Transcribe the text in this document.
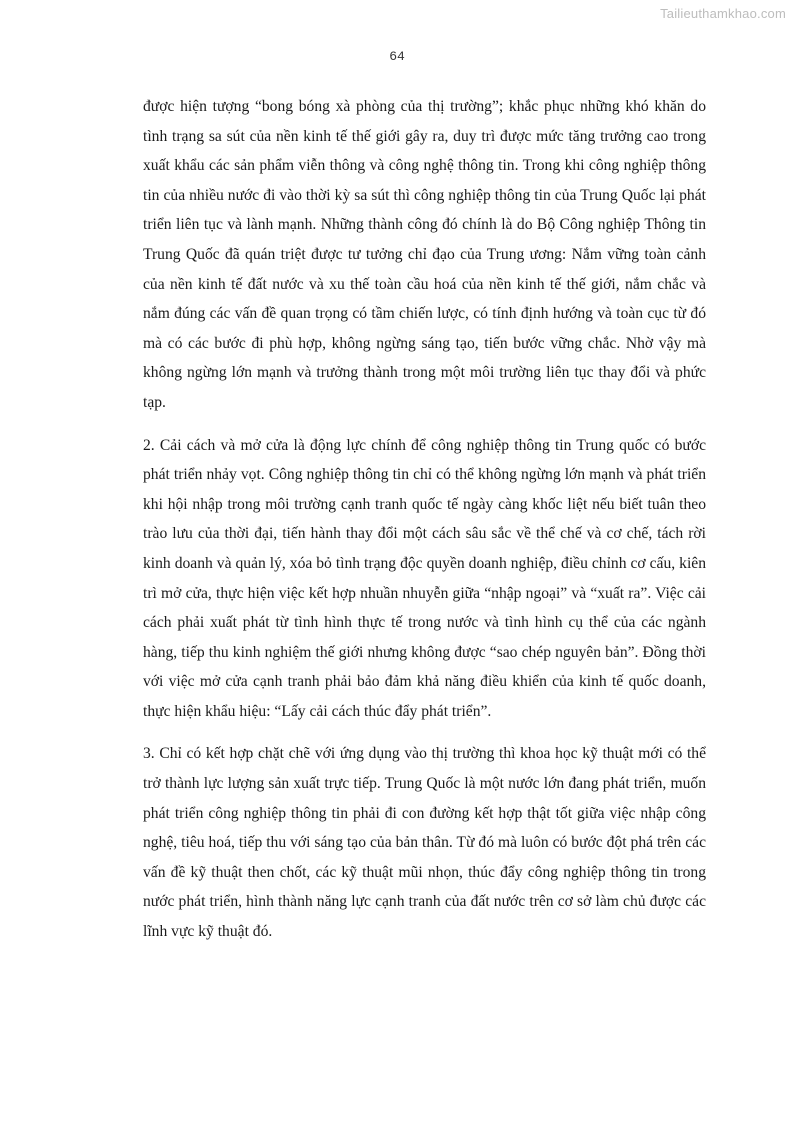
Tailieuthamkhao.com
64

được hiện tượng “bong bóng xà phòng của thị trường”; khắc phục những khó khăn do tình trạng sa sút của nền kinh tế thế giới gây ra, duy trì được mức tăng trưởng cao trong xuất khẩu các sản phẩm viễn thông và công nghệ thông tin. Trong khi công nghiệp thông tin của nhiều nước đi vào thời kỳ sa sút thì công nghiệp thông tin của Trung Quốc lại phát triển liên tục và lành mạnh. Những thành công đó chính là do Bộ Công nghiệp Thông tin Trung Quốc đã quán triệt được tư tưởng chỉ đạo của Trung ương: Nắm vững toàn cảnh của nền kinh tế đất nước và xu thế toàn cầu hoá của nền kinh tế thế giới, nắm chắc và nắm đúng các vấn đề quan trọng có tầm chiến lược, có tính định hướng và toàn cục từ đó mà có các bước đi phù hợp, không ngừng sáng tạo, tiến bước vững chắc. Nhờ vậy mà không ngừng lớn mạnh và trưởng thành trong một môi trường liên tục thay đổi và phức tạp.

2. Cải cách và mở cửa là động lực chính để công nghiệp thông tin Trung quốc có bước phát triển nhảy vọt. Công nghiệp thông tin chỉ có thể không ngừng lớn mạnh và phát triển khi hội nhập trong môi trường cạnh tranh quốc tế ngày càng khốc liệt nếu biết tuân theo trào lưu của thời đại, tiến hành thay đổi một cách sâu sắc về thể chế và cơ chế, tách rời kinh doanh và quản lý, xóa bỏ tình trạng độc quyền doanh nghiệp, điều chỉnh cơ cấu, kiên trì mở cửa, thực hiện việc kết hợp nhuần nhuyễn giữa “nhập ngoại” và “xuất ra”. Việc cải cách phải xuất phát từ tình hình thực tế trong nước và tình hình cụ thể của các ngành hàng, tiếp thu kinh nghiệm thế giới nhưng không được “sao chép nguyên bản”. Đồng thời với việc mở cửa cạnh tranh phải bảo đảm khả năng điều khiển của kinh tế quốc doanh, thực hiện khẩu hiệu: “Lấy cải cách thúc đẩy phát triển”.

3. Chỉ có kết hợp chặt chẽ với ứng dụng vào thị trường thì khoa học kỹ thuật mới có thể trở thành lực lượng sản xuất trực tiếp. Trung Quốc là một nước lớn đang phát triển, muốn phát triển công nghiệp thông tin phải đi con đường kết hợp thật tốt giữa việc nhập công nghệ, tiêu hoá, tiếp thu với sáng tạo của bản thân. Từ đó mà luôn có bước đột phá trên các vấn đề kỹ thuật then chốt, các kỹ thuật mũi nhọn, thúc đẩy công nghiệp thông tin trong nước phát triển, hình thành năng lực cạnh tranh của đất nước trên cơ sở làm chủ được các lĩnh vực kỹ thuật đó.
